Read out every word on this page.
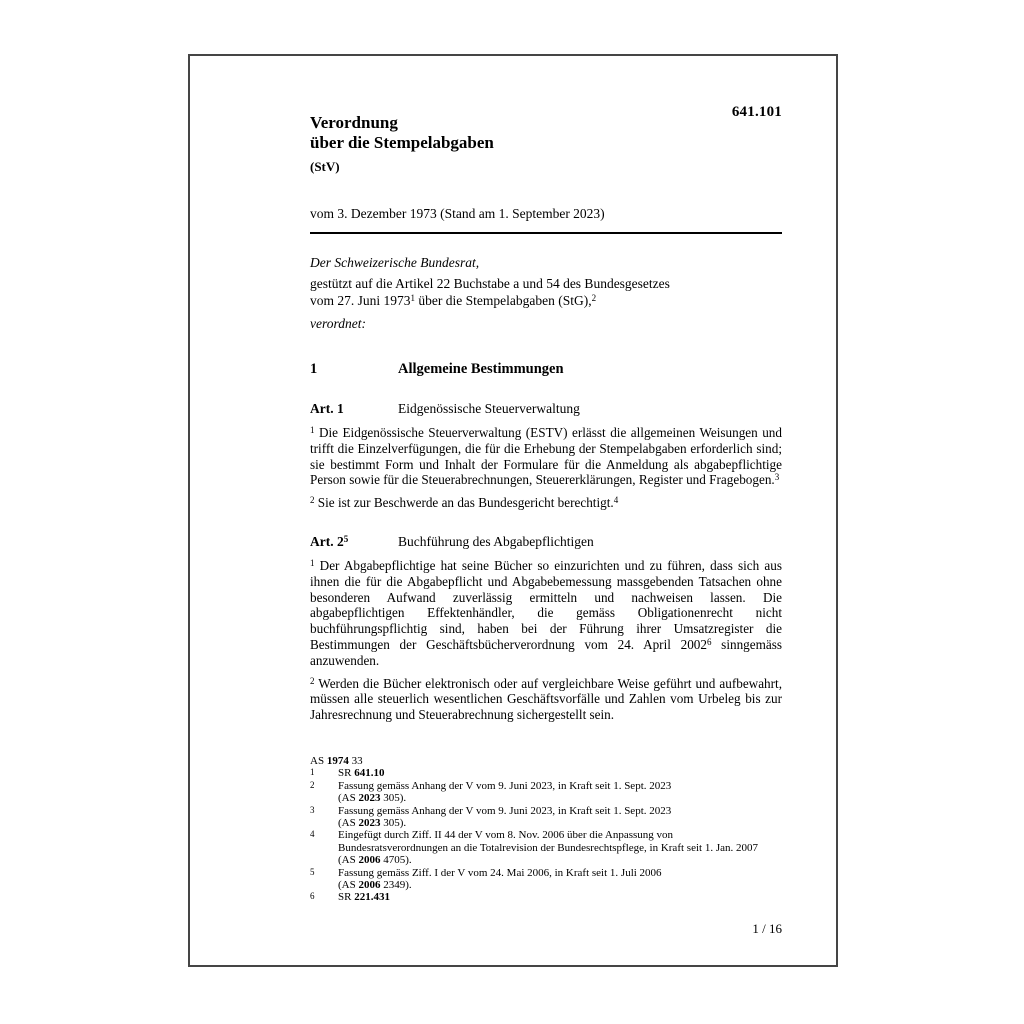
Verordnung
über die Stempelabgaben
(StV)
641.101
vom 3. Dezember 1973 (Stand am 1. September 2023)
Der Schweizerische Bundesrat,
gestützt auf die Artikel 22 Buchstabe a und 54 des Bundesgesetzes
vom 27. Juni 1973$^1$ über die Stempelabgaben (StG),$^2$
verordnet:
1	Allgemeine Bestimmungen
Art. 1	Eidgenössische Steuerverwaltung
$^1$ Die Eidgenössische Steuerverwaltung (ESTV) erlässt die allgemeinen Weisungen und trifft die Einzelverfügungen, die für die Erhebung der Stempelabgaben erforderlich sind; sie bestimmt Form und Inhalt der Formulare für die Anmeldung als abgabepflichtige Person sowie für die Steuerabrechnungen, Steuererklärungen, Register und Fragebogen.$^3$
$^2$ Sie ist zur Beschwerde an das Bundesgericht berechtigt.$^4$
Art. $2^5$	Buchführung des Abgabepflichtigen
$^1$ Der Abgabepflichtige hat seine Bücher so einzurichten und zu führen, dass sich aus ihnen die für die Abgabepflicht und Abgabebemessung massgebenden Tatsachen ohne besonderen Aufwand zuverlässig ermitteln und nachweisen lassen. Die abgabepflichtigen Effektenhändler, die gemäss Obligationenrecht nicht buchführungspflichtig sind, haben bei der Führung ihrer Umsatzregister die Bestimmungen der Geschäftsbücherverordnung vom 24. April 2002$^6$ sinngemäss anzuwenden.
$^2$ Werden die Bücher elektronisch oder auf vergleichbare Weise geführt und aufbewahrt, müssen alle steuerlich wesentlichen Geschäftsvorfälle und Zahlen vom Urbeleg bis zur Jahresrechnung und Steuerabrechnung sichergestellt sein.
AS 1974 33
1	SR 641.10
2	Fassung gemäss Anhang der V vom 9. Juni 2023, in Kraft seit 1. Sept. 2023
(AS 2023 305).
3	Fassung gemäss Anhang der V vom 9. Juni 2023, in Kraft seit 1. Sept. 2023
(AS 2023 305).
4	Eingefügt durch Ziff. II 44 der V vom 8. Nov. 2006 über die Anpassung von Bundesratsverordnungen an die Totalrevision der Bundesrechtspflege, in Kraft seit 1. Jan. 2007
(AS 2006 4705).
5	Fassung gemäss Ziff. I der V vom 24. Mai 2006, in Kraft seit 1. Juli 2006
(AS 2006 2349).
6	SR 221.431
1 / 16
